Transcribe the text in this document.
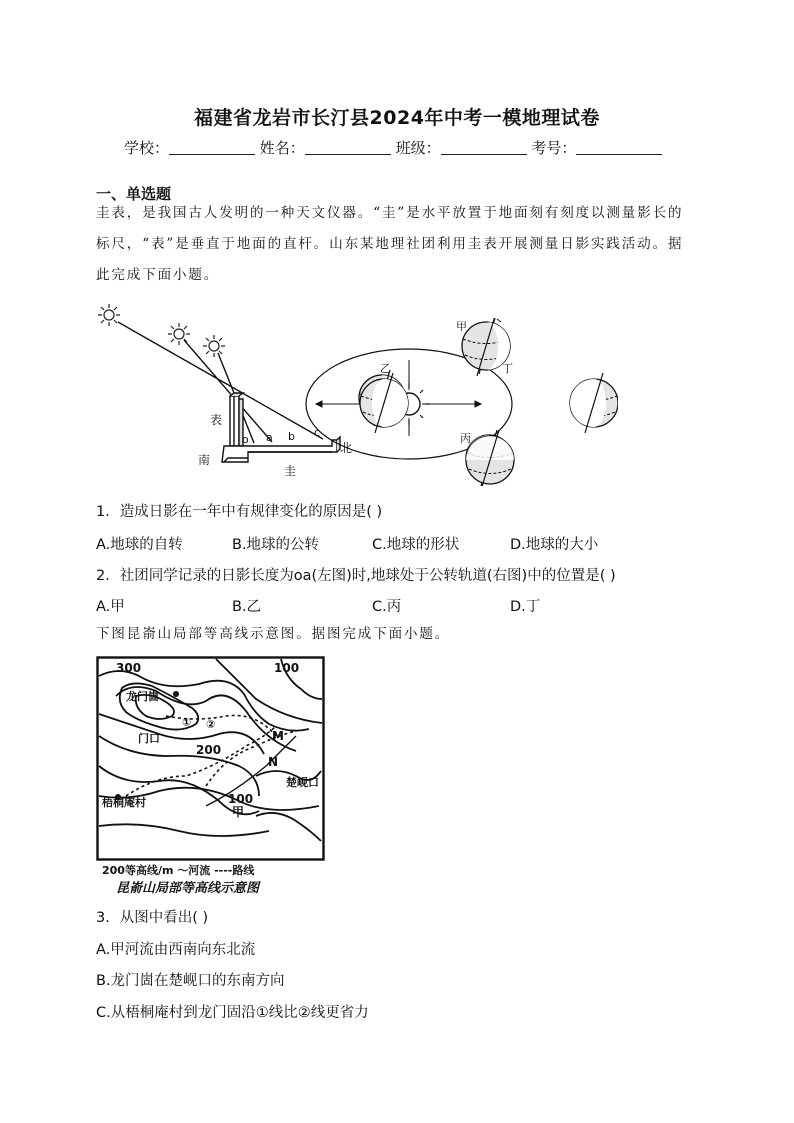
福建省龙岩市长汀县2024年中考一模地理试卷
学校：	姓名：	班级：	考号：
一、单选题
圭表，是我国古人发明的一种天文仪器。“圭”是水平放置于地面刻有刻度以测量影长的
标尺，“表”是垂直于地面的直杆。山东某地理社团利用圭表开展测量日影实践活动。据
此完成下面小题。
表
圭
南
北
o a b c
甲
乙
丙
丁
1．造成日影在一年中有规律变化的原因是( )
A.地球的自转	B.地球的公转	C.地球的形状	D.地球的大小
2．社团同学记录的日影长度为oa(左图)时,地球处于公转轨道(右图)中的位置是( )
A.甲	B.乙	C.丙	D.丁
下图昆嵛山局部等高线示意图。据图完成下面小题。
300	100
200
100
龙门崮
门口
梧桐庵村
楚岘口
① ②
M
N
甲
200等高线/m ～河流 ----路线
昆嵛山局部等高线示意图
3．从图中看出( )
A.甲河流由西南向东北流
B.龙门崮在楚岘口的东南方向
C.从梧桐庵村到龙门固沿①线比②线更省力
